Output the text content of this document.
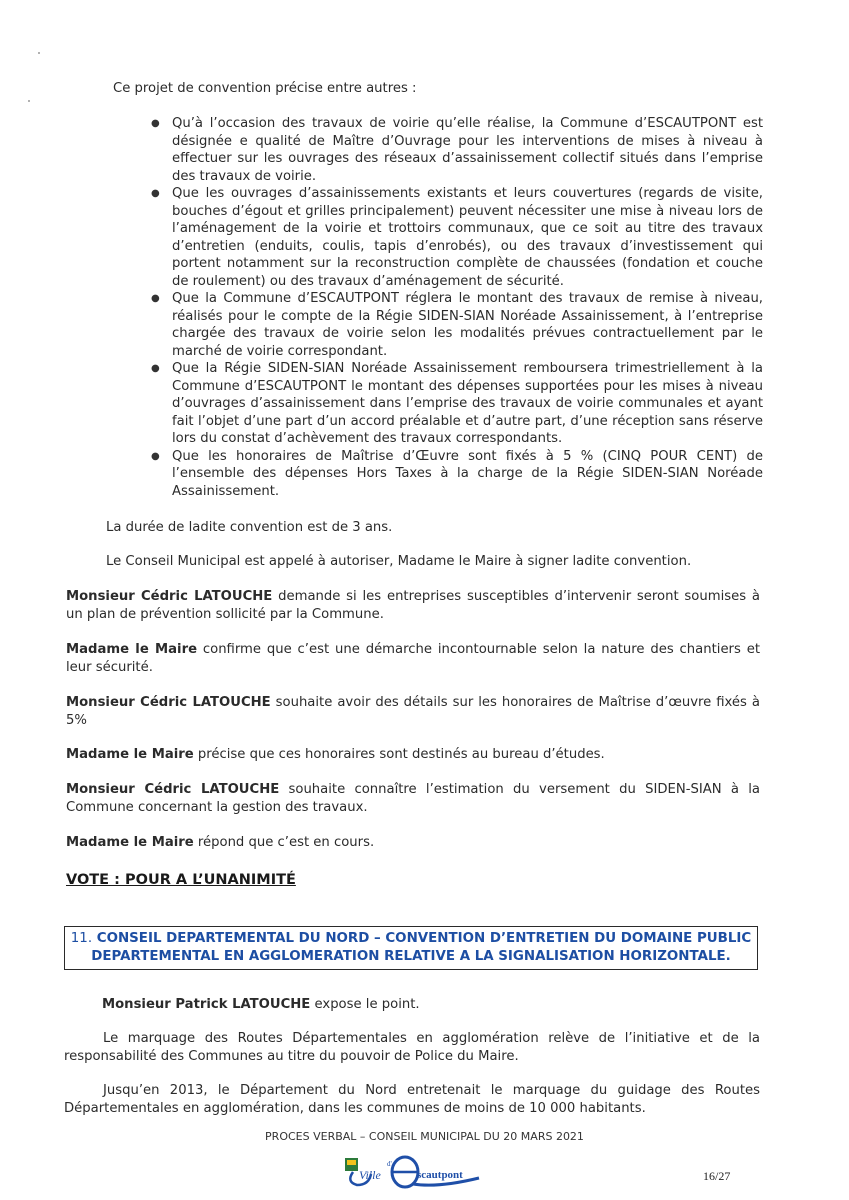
Ce projet de convention précise entre autres :
● Qu’à l’occasion des travaux de voirie qu’elle réalise, la Commune d’ESCAUTPONT est désignée e qualité de Maître d’Ouvrage pour les interventions de mises à niveau à effectuer sur les ouvrages des réseaux d’assainissement collectif situés dans l’emprise des travaux de voirie.
● Que les ouvrages d’assainissements existants et leurs couvertures (regards de visite, bouches d’égout et grilles principalement) peuvent nécessiter une mise à niveau lors de l’aménagement de la voirie et trottoirs communaux, que ce soit au titre des travaux d’entretien (enduits, coulis, tapis d’enrobés), ou des travaux d’investissement qui portent notamment sur la reconstruction complète de chaussées (fondation et couche de roulement) ou des travaux d’aménagement de sécurité.
● Que la Commune d’ESCAUTPONT réglera le montant des travaux de remise à niveau, réalisés pour le compte de la Régie SIDEN-SIAN Noréade Assainissement, à l’entreprise chargée des travaux de voirie selon les modalités prévues contractuellement par le marché de voirie correspondant.
● Que la Régie SIDEN-SIAN Noréade Assainissement remboursera trimestriellement à la Commune d’ESCAUTPONT le montant des dépenses supportées pour les mises à niveau d’ouvrages d’assainissement dans l’emprise des travaux de voirie communales et ayant fait l’objet d’une part d’un accord préalable et d’autre part, d’une réception sans réserve lors du constat d’achèvement des travaux correspondants.
● Que les honoraires de Maîtrise d’Œuvre sont fixés à 5 % (CINQ POUR CENT) de l’ensemble des dépenses Hors Taxes à la charge de la Régie SIDEN-SIAN Noréade Assainissement.
La durée de ladite convention est de 3 ans.
Le Conseil Municipal est appelé à autoriser, Madame le Maire à signer ladite convention.
Monsieur Cédric LATOUCHE demande si les entreprises susceptibles d’intervenir seront soumises à un plan de prévention sollicité par la Commune.
Madame le Maire confirme que c’est une démarche incontournable selon la nature des chantiers et leur sécurité.
Monsieur Cédric LATOUCHE souhaite avoir des détails sur les honoraires de Maîtrise d’œuvre fixés à 5%
Madame le Maire précise que ces honoraires sont destinés au bureau d’études.
Monsieur Cédric LATOUCHE souhaite connaître l’estimation du versement du SIDEN-SIAN à la Commune concernant la gestion des travaux.
Madame le Maire répond que c’est en cours.
VOTE : POUR A L’UNANIMITÉ
11. CONSEIL DEPARTEMENTAL DU NORD – CONVENTION D’ENTRETIEN DU DOMAINE PUBLIC
DEPARTEMENTAL EN AGGLOMERATION RELATIVE A LA SIGNALISATION HORIZONTALE.
Monsieur Patrick LATOUCHE expose le point.
Le marquage des Routes Départementales en agglomération relève de l’initiative et de la responsabilité des Communes au titre du pouvoir de Police du Maire.
Jusqu’en 2013, le Département du Nord entretenait le marquage du guidage des Routes Départementales en agglomération, dans les communes de moins de 10 000 habitants.
PROCES VERBAL – CONSEIL MUNICIPAL DU 20 MARS 2021
Ville
d'
scautpont	16/27
